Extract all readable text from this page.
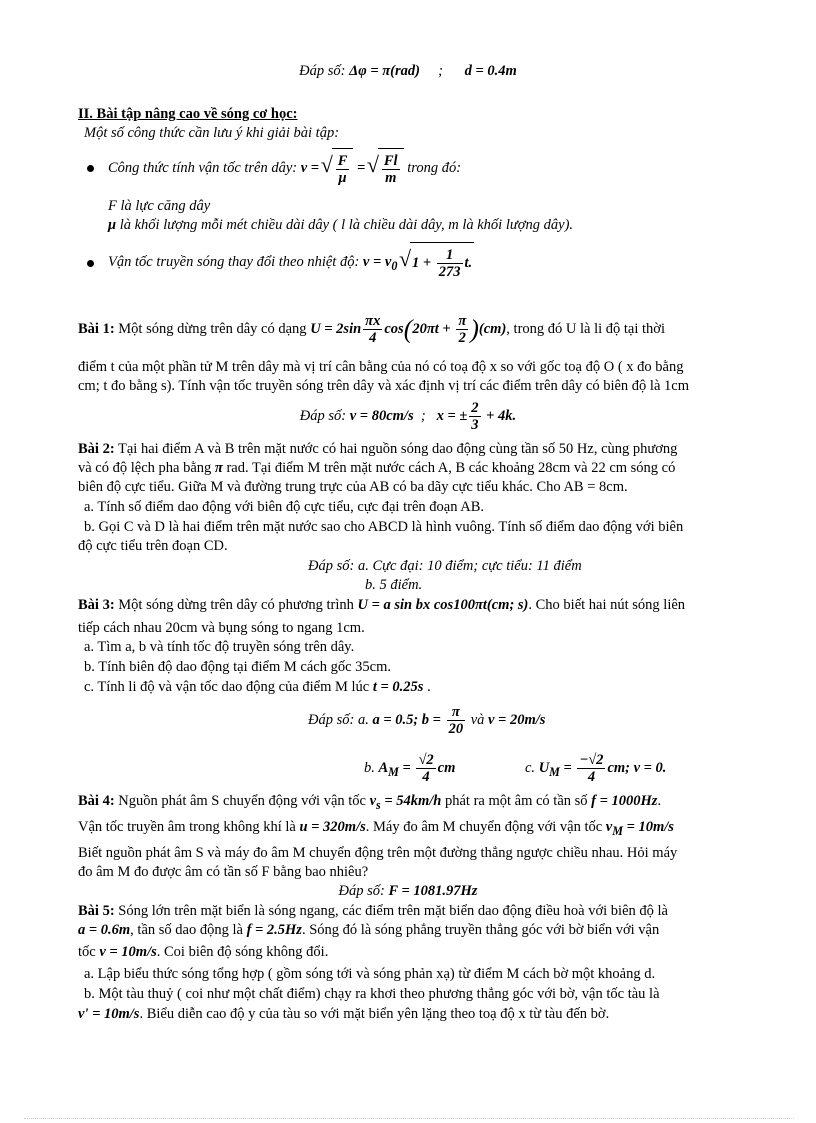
Đáp số: Δφ = π(rad) ; d = 0.4m
II. Bài tập nâng cao về sóng cơ học:
Một số công thức cần lưu ý khi giải bài tập:
Công thức tính vận tốc trên dây: v = √ $\frac{F}{\mu}$ = √ $\frac{Fl}{m}$ trong đó:
F là lực căng dây
μ là khối lượng mỗi mét chiều dài dây ( l là chiều dài dây, m là khối lượng dây).
Vận tốc truyền sóng thay đổi theo nhiệt độ: $v = v_0$ √ $1 + \frac{1}{273} t$.
Bài 1: Một sóng dừng trên dây có dạng $U = 2\sin \frac{\pi x}{4} \cos(20\pi t + \frac{\pi}{2} )(cm)$, trong đó U là li độ tại thời
điểm t của một phần tử M trên dây mà vị trí cân bằng của nó có toạ độ x so với gốc toạ độ O ( x đo bằng
cm; t đo bằng s). Tính vận tốc truyền sóng trên dây và xác định vị trí các điểm trên dây có biên độ là 1cm
Đáp số: v = 80cm/s  ;   x = ± $\frac{2}{3} + 4k$.
Bài 2: Tại hai điểm A và B trên mặt nước có hai nguồn sóng dao động cùng tần số 50 Hz, cùng phương
và có độ lệch pha bằng π rad. Tại điểm M trên mặt nước cách A, B các khoảng 28cm và 22 cm sóng có
biên độ cực tiểu. Giữa M và đường trung trực của AB có ba dãy cực tiểu khác. Cho AB = 8cm.
a. Tính số điểm dao động với biên độ cực tiểu, cực đại trên đoạn AB.
b. Gọi C và D là hai điểm trên mặt nước sao cho ABCD là hình vuông. Tính số điểm dao động với biên
độ cực tiểu trên đoạn CD.
Đáp số: a. Cực đại: 10 điểm; cực tiểu: 11 điểm
b. 5 điểm.
Bài 3: Một sóng dừng trên dây có phương trình U = a sin bx cos100πt(cm; s). Cho biết hai nút sóng liên
tiếp cách nhau 20cm và bụng sóng to ngang 1cm.
a. Tìm a, b và tính tốc độ truyền sóng trên dây.
b. Tính biên độ dao động tại điểm M cách gốc 35cm.
c. Tính li độ và vận tốc dao động của điểm M lúc t = 0.25s .
Đáp số: a. a = 0.5; $b = \frac{\pi}{20}$ và v = 20m/s
b. $A_M = \frac{√2}{4}$ cm	c. $U_M = \frac{-√2}{4}$ cm; v = 0.
Bài 4: Nguồn phát âm S chuyển động với vận tốc $v_s = 54km/h$ phát ra một âm có tần số f = 1000Hz.
Vận tốc truyền âm trong không khí là u = 320m/s. Máy đo âm M chuyển động với vận tốc $v_M = 10m/s$
Biết nguồn phát âm S và máy đo âm M chuyển động trên một đường thẳng ngược chiều nhau. Hỏi máy
đo âm M đo được âm có tần số F bằng bao nhiêu?
Đáp số: F = 1081.97Hz
Bài 5: Sóng lớn trên mặt biển là sóng ngang, các điểm trên mặt biển dao động điều hoà với biên độ là
a = 0.6m, tần số dao động là f = 2.5Hz. Sóng đó là sóng phẳng truyền thẳng góc với bờ biển với vận
tốc v = 10m/s. Coi biên độ sóng không đổi.
a. Lập biểu thức sóng tổng hợp ( gồm sóng tới và sóng phản xạ) từ điểm M cách bờ một khoảng d.
b. Một tàu thuỷ ( coi như một chất điểm) chạy ra khơi theo phương thẳng góc với bờ, vận tốc tàu là
v' = 10m/s. Biểu diễn cao độ y của tàu so với mặt biển yên lặng theo toạ độ x từ tàu đến bờ.
